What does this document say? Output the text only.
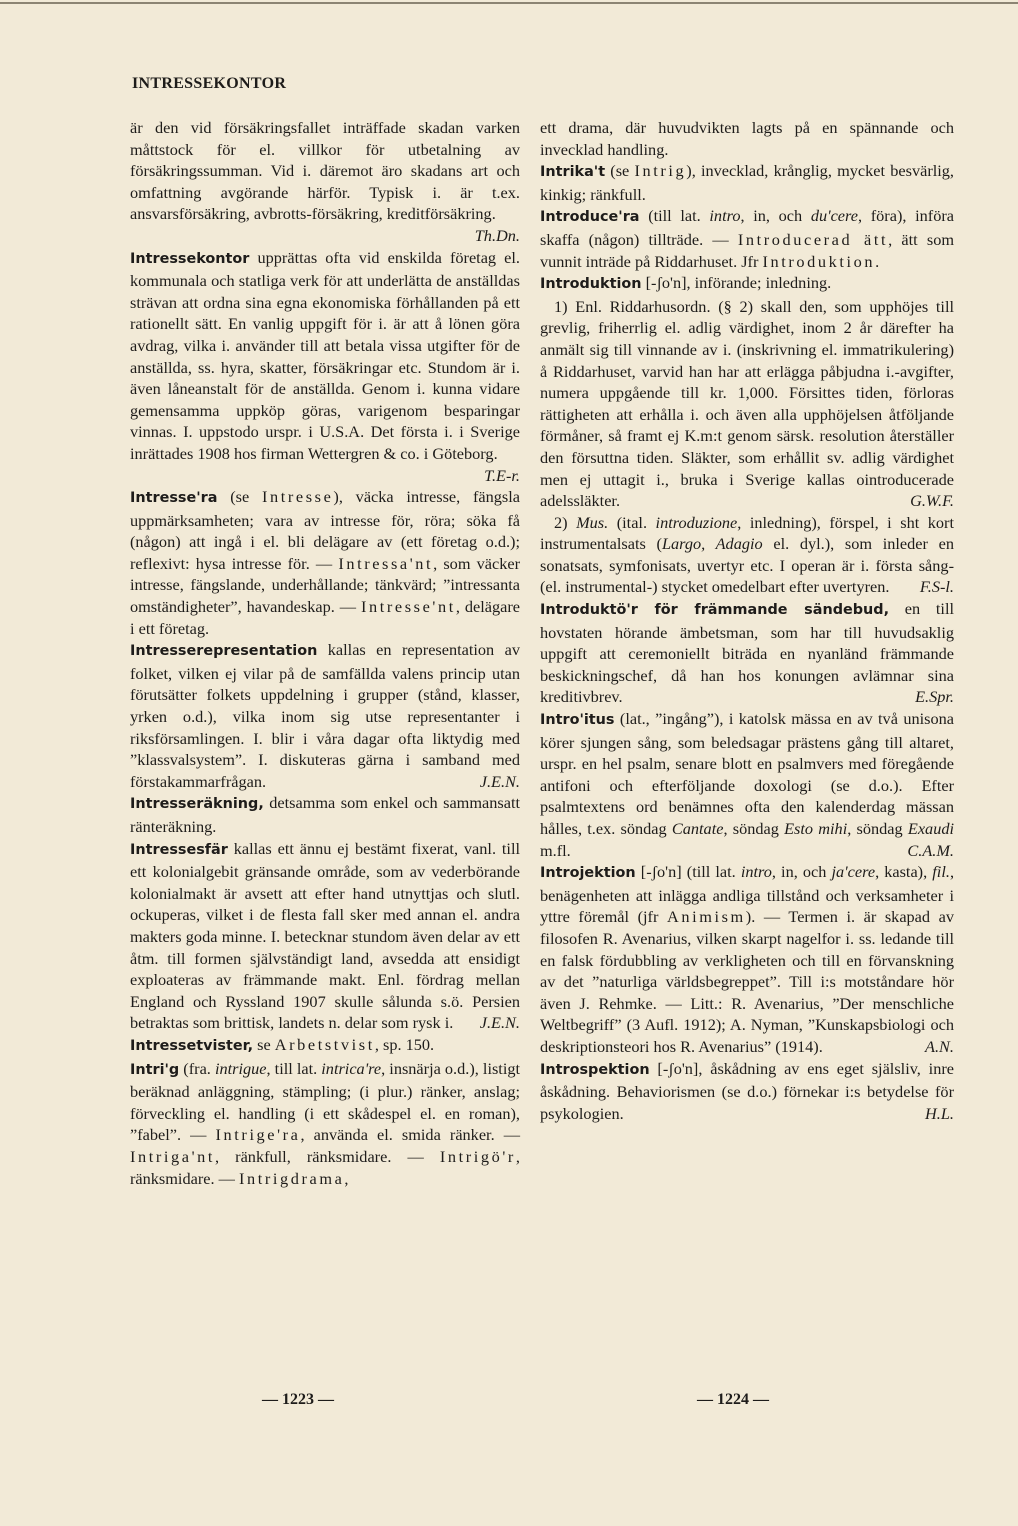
INTRESSEKONTOR

är den vid försäkringsfallet inträffade skadan varken måttstock för el. villkor för utbetalning av försäkringssumman. Vid i. däremot äro skadans art och omfattning avgörande härför. Typisk i. är t.ex. ansvarsförsäkring, avbrotts-försäkring, kreditförsäkring.
Th.Dn.

Intressekontor upprättas ofta vid enskilda företag el. kommunala och statliga verk för att underlätta de anställdas strävan att ordna sina egna ekonomiska förhållanden på ett rationellt sätt. En vanlig uppgift för i. är att å lönen göra avdrag, vilka i. använder till att betala vissa utgifter för de anställda, ss. hyra, skatter, försäkringar etc. Stundom är i. även låneanstalt för de anställda. Genom i. kunna vidare gemensamma uppköp göras, varigenom besparingar vinnas. I. uppstodo urspr. i U.S.A. Det första i. i Sverige inrättades 1908 hos firman Wettergren & co. i Göteborg.
T.E-r.

Intresse'ra (se Intresse), väcka intresse, fängsla uppmärksamheten; vara av intresse för, röra; söka få (någon) att ingå i el. bli delägare av (ett företag o.d.); reflexivt: hysa intresse för. — Intressa'nt, som väcker intresse, fängslande, underhållande; tänkvärd; ”intressanta omständigheter”, havandeskap. — Intresse'nt, delägare i ett företag.

Intresserepresentation kallas en representation av folket, vilken ej vilar på de samfällda valens princip utan förutsätter folkets uppdelning i grupper (stånd, klasser, yrken o.d.), vilka inom sig utse representanter i riksförsamlingen. I. blir i våra dagar ofta liktydig med ”klassvalsystem”. I. diskuteras gärna i samband med förstakammarfrågan.	J.E.N.

Intresseräkning, detsamma som enkel och sammansatt ränteräkning.

Intressesfär kallas ett ännu ej bestämt fixerat, vanl. till ett kolonialgebit gränsande område, som av vederbörande kolonialmakt är avsett att efter hand utnyttjas och slutl. ockuperas, vilket i de flesta fall sker med annan el. andra makters goda minne. I. betecknar stundom även delar av ett åtm. till formen självständigt land, avsedda att ensidigt exploateras av främmande makt. Enl. fördrag mellan England och Ryssland 1907 skulle sålunda s.ö. Persien betraktas som brittisk, landets n. delar som rysk i.	J.E.N.

Intressetvister, se Arbetstvist, sp. 150.

Intri'g (fra. intrigue, till lat. intrica're, insnärja o.d.), listigt beräknad anläggning, stämpling; (i plur.) ränker, anslag; förveckling el. handling (i ett skådespel el. en roman), ”fabel”. — Intrige'ra, använda el. smida ränker. — Intriga'nt, ränkfull, ränksmidare. — Intrigö'r, ränksmidare. — Intrigdrama,

ett drama, där huvudvikten lagts på en spännande och invecklad handling.

Intrika't (se Intrig), invecklad, krånglig, mycket besvärlig, kinkig; ränkfull.

Introduce'ra (till lat. intro, in, och du'cere, föra), införa skaffa (någon) tillträde. — Introducerad ätt, ätt som vunnit inträde på Riddarhuset. Jfr Introduktion.

Introduktion [-ʃo'n], införande; inledning.

1) Enl. Riddarhusordn. (§ 2) skall den, som upphöjes till grevlig, friherrlig el. adlig värdighet, inom 2 år därefter ha anmält sig till vinnande av i. (inskrivning el. immatrikulering) å Riddarhuset, varvid han har att erlägga påbjudna i.-avgifter, numera uppgående till kr. 1,000. Försittes tiden, förloras rättigheten att erhålla i. och även alla upphöjelsen åtföljande förmåner, så framt ej K.m:t genom särsk. resolution återställer den försuttna tiden. Släkter, som erhållit sv. adlig värdighet men ej uttagit i., bruka i Sverige kallas ointroducerade adelssläkter.	G.W.F.

2) Mus. (ital. introduzione, inledning), förspel, i sht kort instrumentalsats (Largo, Adagio el. dyl.), som inleder en sonatsats, symfonisats, uvertyr etc. I operan är i. första sång- (el. instrumental-) stycket omedelbart efter uvertyren.	F.S-l.

Introduktö'r för främmande sändebud, en till hovstaten hörande ämbetsman, som har till huvudsaklig uppgift att ceremoniellt biträda en nyanländ främmande beskickningschef, då han hos konungen avlämnar sina kreditivbrev.	E.Spr.

Intro'itus (lat., ”ingång”), i katolsk mässa en av två unisona körer sjungen sång, som beledsagar prästens gång till altaret, urspr. en hel psalm, senare blott en psalmvers med föregående antifoni och efterföljande doxologi (se d.o.). Efter psalmtextens ord benämnes ofta den kalenderdag mässan hålles, t.ex. söndag Cantate, söndag Esto mihi, söndag Exaudi m.fl.	C.A.M.

Introjektion [-ʃo'n] (till lat. intro, in, och ja'cere, kasta), fil., benägenheten att inlägga andliga tillstånd och verksamheter i yttre föremål (jfr Animism). — Termen i. är skapad av filosofen R. Avenarius, vilken skarpt nagelfor i. ss. ledande till en falsk fördubbling av verkligheten och till en förvanskning av det ”naturliga världsbegreppet”. Till i:s motståndare hör även J. Rehmke. — Litt.: R. Avenarius, ”Der menschliche Weltbegriff” (3 Aufl. 1912); A. Nyman, ”Kunskapsbiologi och deskriptionsteori hos R. Avenarius” (1914).	A.N.

Introspektion [-ʃo'n], åskådning av ens eget själsliv, inre åskådning. Behaviorismen (se d.o.) förnekar i:s betydelse för psykologien.	H.L.

— 1223 —	— 1224 —
